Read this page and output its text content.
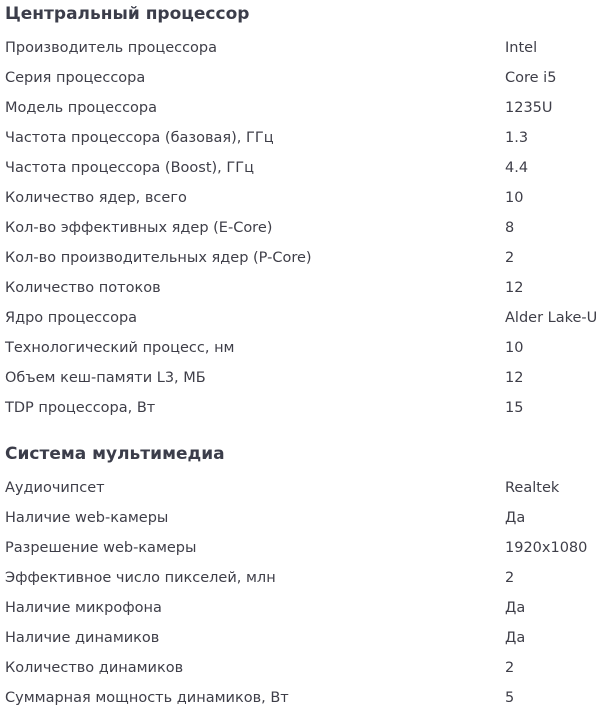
Центральный процессор
Производитель процессора	Intel
Серия процессора	Core i5
Модель процессора	1235U
Частота процессора (базовая), ГГц	1.3
Частота процессора (Boost), ГГц	4.4
Количество ядер, всего	10
Кол-во эффективных ядер (E-Core)	8
Кол-во производительных ядер (P-Core)	2
Количество потоков	12
Ядро процессора	Alder Lake-U
Технологический процесс, нм	10
Объем кеш-памяти L3, МБ	12
TDP процессора, Вт	15
Система мультимедиа
Аудиочипсет	Realtek
Наличие web-камеры	Да
Разрешение web-камеры	1920x1080
Эффективное число пикселей, млн	2
Наличие микрофона	Да
Наличие динамиков	Да
Количество динамиков	2
Суммарная мощность динамиков, Вт	5
